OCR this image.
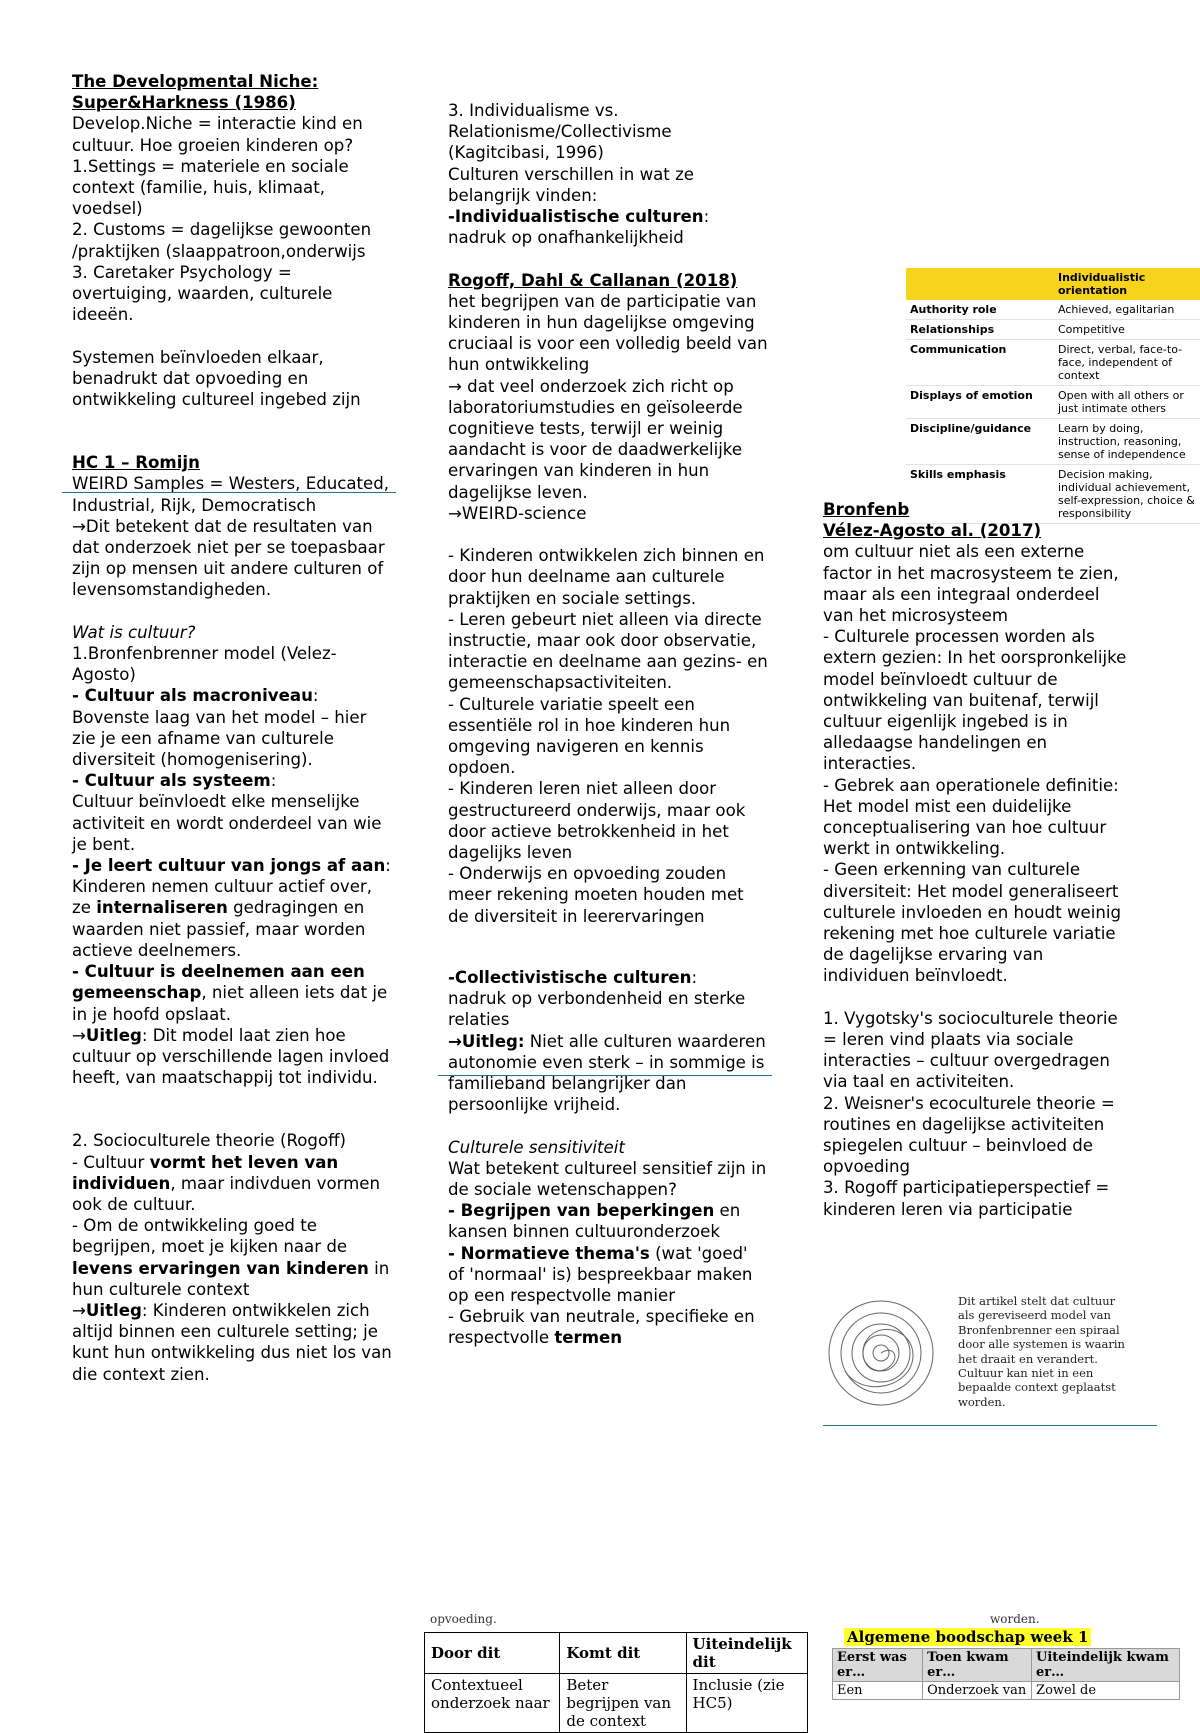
The Developmental Niche:

Super&Harkness (1986)

Develop.Niche = interactie kind en cultuur. Hoe groeien kinderen op?

1.Settings = materiele en sociale context (familie, huis, klimaat, voedsel)

2. Customs = dagelijkse gewoonten /praktijken (slaappatroon,onderwijs

3. Caretaker Psychology = overtuiging, waarden, culturele ideeën.

Systemen beïnvloeden elkaar, benadrukt dat opvoeding en ontwikkeling cultureel ingebed zijn

HC 1 – Romijn

WEIRD Samples = Westers, Educated, Industrial, Rijk, Democratisch

→Dit betekent dat de resultaten van dat onderzoek niet per se toepasbaar zijn op mensen uit andere culturen of levensomstandigheden.

Wat is cultuur?

1.Bronfenbrenner model (Velez-Agosto)

- Cultuur als macroniveau:

Bovenste laag van het model – hier zie je een afname van culturele diversiteit (homogenisering).

- Cultuur als systeem:

Cultuur beïnvloedt elke menselijke activiteit en wordt onderdeel van wie je bent.

- Je leert cultuur van jongs af aan:

Kinderen nemen cultuur actief over, ze internaliseren gedragingen en waarden niet passief, maar worden actieve deelnemers.

- Cultuur is deelnemen aan een gemeenschap, niet alleen iets dat je in je hoofd opslaat.

→Uitleg: Dit model laat zien hoe cultuur op verschillende lagen invloed heeft, van maatschappij tot individu.

2. Socioculturele theorie (Rogoff)

- Cultuur vormt het leven van individuen, maar indivduen vormen ook de cultuur.

- Om de ontwikkeling goed te begrijpen, moet je kijken naar de levens ervaringen van kinderen in hun culturele context

→Uitleg: Kinderen ontwikkelen zich altijd binnen een culturele setting; je kunt hun ontwikkeling dus niet los van die context zien.

3. Individualisme vs. Relationisme/Collectivisme (Kagitcibasi, 1996)

Culturen verschillen in wat ze belangrijk vinden:

-Individualistische culturen:

nadruk op onafhankelijkheid

Rogoff, Dahl & Callanan (2018)

het begrijpen van de participatie van kinderen in hun dagelijkse omgeving cruciaal is voor een volledig beeld van hun ontwikkeling

→ dat veel onderzoek zich richt op laboratoriumstudies en geïsoleerde cognitieve tests, terwijl er weinig aandacht is voor de daadwerkelijke ervaringen van kinderen in hun dagelijkse leven.

→WEIRD-science

- Kinderen ontwikkelen zich binnen en door hun deelname aan culturele praktijken en sociale settings.

- Leren gebeurt niet alleen via directe instructie, maar ook door observatie, interactie en deelname aan gezins- en gemeenschapsactiviteiten.

- Culturele variatie speelt een essentiële rol in hoe kinderen hun omgeving navigeren en kennis opdoen.

- Kinderen leren niet alleen door gestructureerd onderwijs, maar ook door actieve betrokkenheid in het dagelijks leven

- Onderwijs en opvoeding zouden meer rekening moeten houden met de diversiteit in leerervaringen

-Collectivistische culturen:

nadruk op verbondenheid en sterke relaties

→Uitleg: Niet alle culturen waarderen autonomie even sterk – in sommige is familieband belangrijker dan persoonlijke vrijheid.

Culturele sensitiviteit

Wat betekent cultureel sensitief zijn in de sociale wetenschappen?

- Begrijpen van beperkingen en kansen binnen cultuuronderzoek

- Normatieve thema's (wat 'goed' of 'normaal' is) bespreekbaar maken op een respectvolle manier

- Gebruik van neutrale, specifieke en respectvolle termen

	Individualistic orientation
Authority role	Achieved, egalitarian
Relationships	Competitive
Communication	Direct, verbal, face-to-face, independent of context
Displays of emotion	Open with all others or just intimate others
Discipline/guidance	Learn by doing, instruction, reasoning, sense of independence
Skills emphasis	Decision making, individual achievement, self-expression, choice & responsibility

Bronfenb

Vélez-Agosto al. (2017)

om cultuur niet als een externe factor in het macrosysteem te zien, maar als een integraal onderdeel van het microsysteem

- Culturele processen worden als extern gezien: In het oorspronkelijke model beïnvloedt cultuur de ontwikkeling van buitenaf, terwijl cultuur eigenlijk ingebed is in alledaagse handelingen en interacties.

- Gebrek aan operationele definitie: Het model mist een duidelijke conceptualisering van hoe cultuur werkt in ontwikkeling.

- Geen erkenning van culturele diversiteit: Het model generaliseert culturele invloeden en houdt weinig rekening met hoe culturele variatie de dagelijkse ervaring van individuen beïnvloedt.

1. Vygotsky's socioculturele theorie = leren vind plaats via sociale interacties – cultuur overgedragen via taal en activiteiten.

2. Weisner's ecoculturele theorie = routines en dagelijkse activiteiten spiegelen cultuur – beinvloed de opvoeding

3. Rogoff participatieperspectief = kinderen leren via participatie

Dit artikel stelt dat cultuur als gereviseerd model van Bronfenbrenner een spiraal door alle systemen is waarin het draait en verandert. Cultuur kan niet in een bepaalde context geplaatst worden.
opvoeding.
Door dit	Komt dit	Uiteindelijk dit
Contextueel onderzoek naar	Beter begrijpen van de context	Inclusie (zie HC5)
worden.
Algemene boodschap week 1
Eerst was er…	Toen kwam er…	Uiteindelijk kwam er…
Een	Onderzoek van	Zowel de
